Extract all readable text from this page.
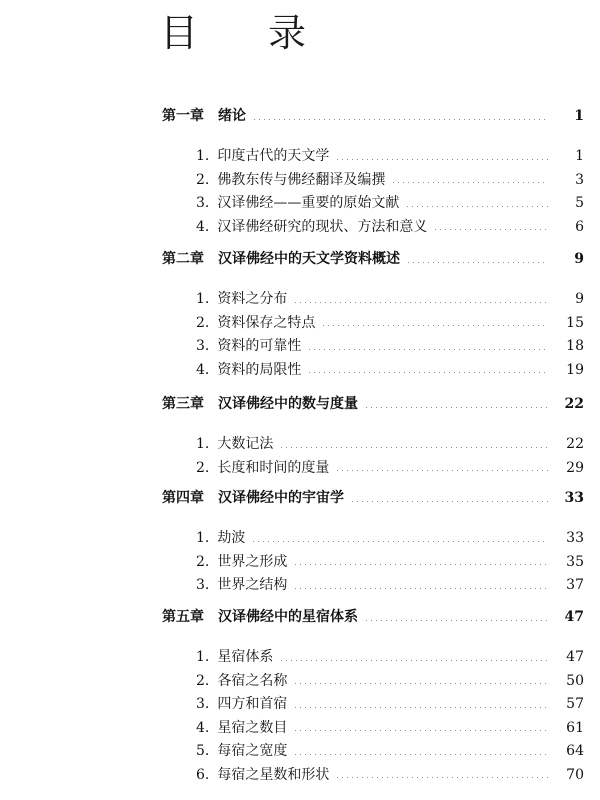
目 录
第一章 绪论	1
1. 印度古代的天文学	1
2. 佛教东传与佛经翻译及编撰	3
3. 汉译佛经——重要的原始文献	5
4. 汉译佛经研究的现状、方法和意义	6
第二章 汉译佛经中的天文学资料概述	9
1. 资料之分布	9
2. 资料保存之特点	15
3. 资料的可靠性	18
4. 资料的局限性	19
第三章 汉译佛经中的数与度量	22
1. 大数记法	22
2. 长度和时间的度量	29
第四章 汉译佛经中的宇宙学	33
1. 劫波	33
2. 世界之形成	35
3. 世界之结构	37
第五章 汉译佛经中的星宿体系	47
1. 星宿体系	47
2. 各宿之名称	50
3. 四方和首宿	57
4. 星宿之数目	61
5. 每宿之宽度	64
6. 每宿之星数和形状	70
